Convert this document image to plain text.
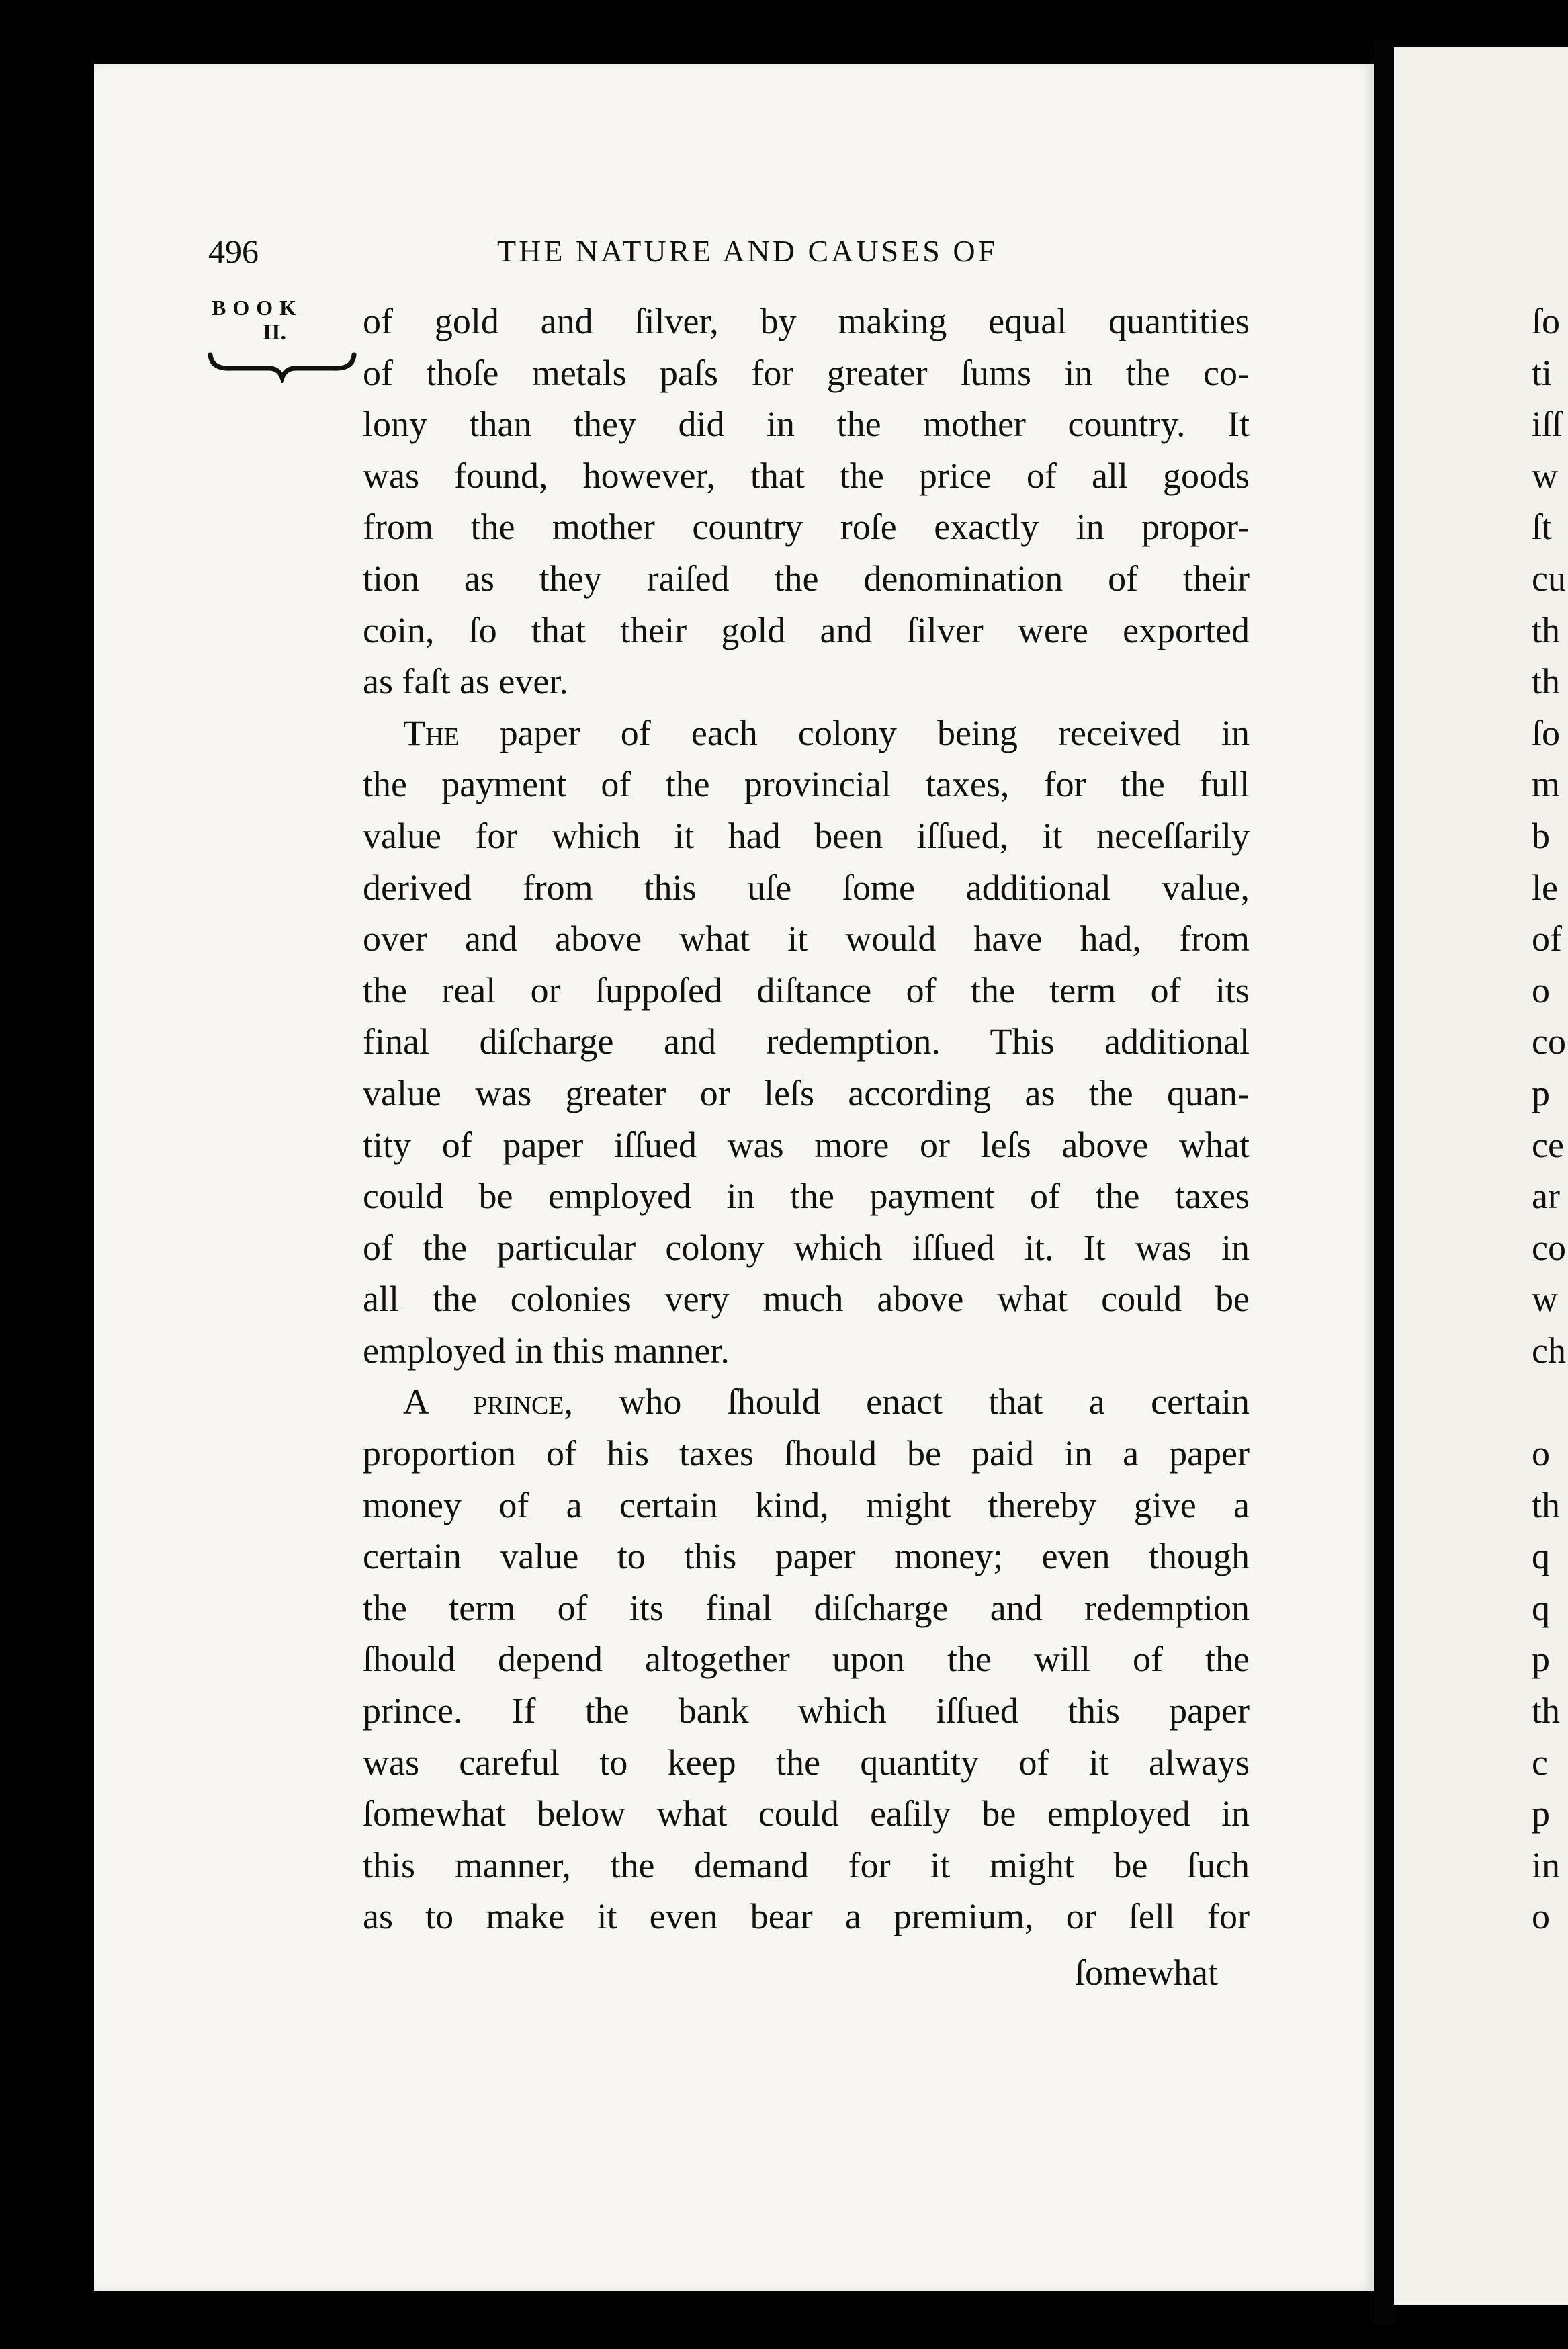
496	THE NATURE AND CAUSES OF
BOOK
II. of gold and ſilver, by making equal quantities
of thoſe metals paſs for greater ſums in the co-
lony than they did in the mother country. It
was found, however, that the price of all goods
from the mother country roſe exactly in propor-
tion as they raiſed the denomination of their
coin, ſo that their gold and ſilver were exported
as faſt as ever.
The paper of each colony being received in
the payment of the provincial taxes, for the full
value for which it had been iſſued, it neceſſarily
derived from this uſe ſome additional value,
over and above what it would have had, from
the real or ſuppoſed diſtance of the term of its
final diſcharge and redemption. This additional
value was greater or leſs according as the quan-
tity of paper iſſued was more or leſs above what
could be employed in the payment of the taxes
of the particular colony which iſſued it. It was in
all the colonies very much above what could be
employed in this manner.
A prince, who ſhould enact that a certain
proportion of his taxes ſhould be paid in a paper
money of a certain kind, might thereby give a
certain value to this paper money; even though
the term of its final diſcharge and redemption
ſhould depend altogether upon the will of the
prince. If the bank which iſſued this paper
was careful to keep the quantity of it always
ſomewhat below what could eaſily be employed in
this manner, the demand for it might be ſuch
as to make it even bear a premium, or ſell for
ſomewhat
ſo
ti
iſſ
w
ſt
cu
th
th
ſo
m
b
le
of
o
co
p
ce
ar
co
w
ch
o
th
q
q
p
th
c
p
in
o
